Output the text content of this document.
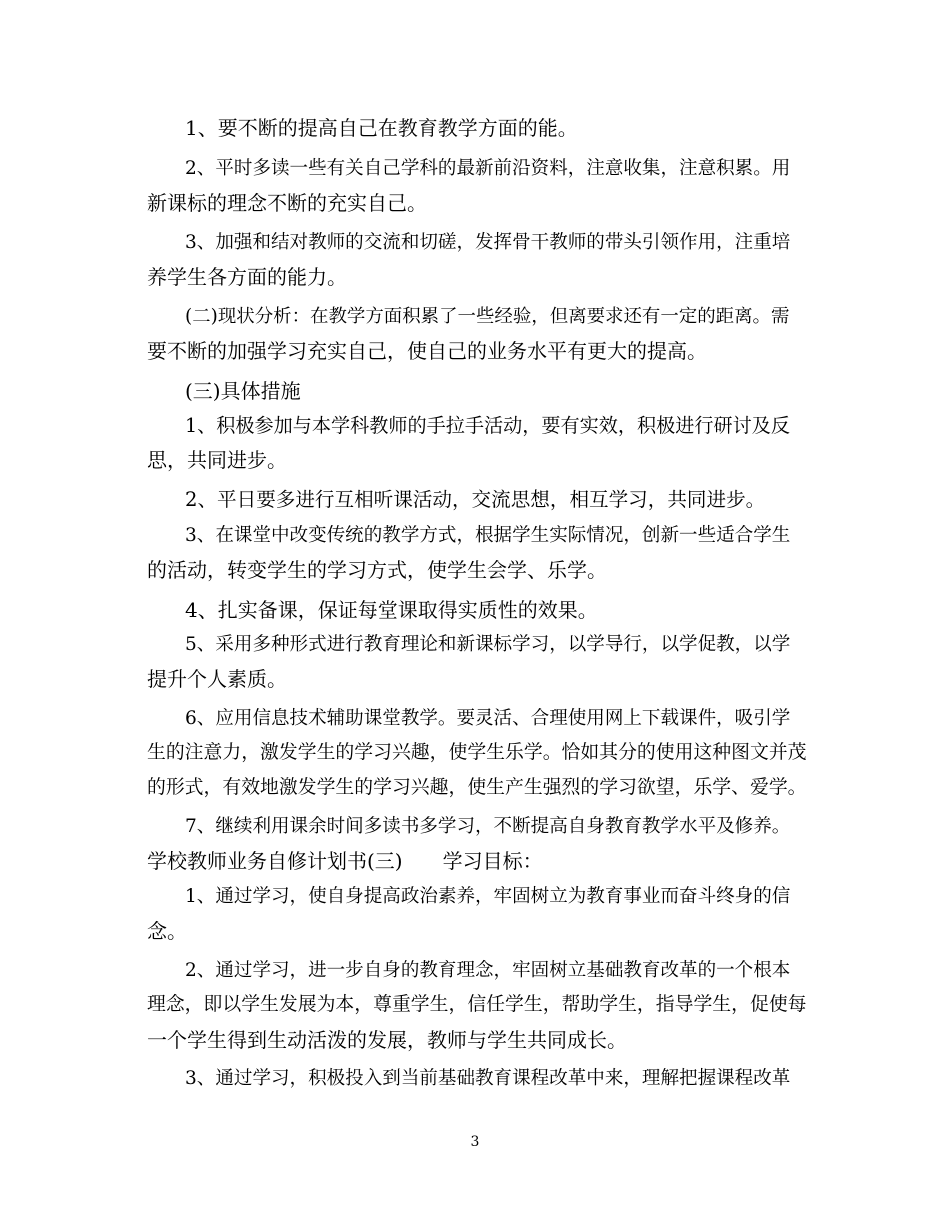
1、要不断的提高自己在教育教学方面的能。
2、平时多读一些有关自己学科的最新前沿资料，注意收集，注意积累。用
新课标的理念不断的充实自己。
3、加强和结对教师的交流和切磋，发挥骨干教师的带头引领作用，注重培
养学生各方面的能力。
(二)现状分析：在教学方面积累了一些经验，但离要求还有一定的距离。需
要不断的加强学习充实自己，使自己的业务水平有更大的提高。
(三)具体措施
1、积极参加与本学科教师的手拉手活动，要有实效，积极进行研讨及反
思，共同进步。
2、平日要多进行互相听课活动，交流思想，相互学习，共同进步。
3、在课堂中改变传统的教学方式，根据学生实际情况，创新一些适合学生
的活动，转变学生的学习方式，使学生会学、乐学。
4、扎实备课，保证每堂课取得实质性的效果。
5、采用多种形式进行教育理论和新课标学习，以学导行，以学促教，以学
提升个人素质。
6、应用信息技术辅助课堂教学。要灵活、合理使用网上下载课件，吸引学
生的注意力，激发学生的学习兴趣，使学生乐学。恰如其分的使用这种图文并茂
的形式，有效地激发学生的学习兴趣，使生产生强烈的学习欲望，乐学、爱学。
7、继续利用课余时间多读书多学习，不断提高自身教育教学水平及修养。
学校教师业务自修计划书(三)　　学习目标：
1、通过学习，使自身提高政治素养，牢固树立为教育事业而奋斗终身的信
念。
2、通过学习，进一步自身的教育理念，牢固树立基础教育改革的一个根本
理念，即以学生发展为本，尊重学生，信任学生，帮助学生，指导学生，促使每
一个学生得到生动活泼的发展，教师与学生共同成长。
3、通过学习，积极投入到当前基础教育课程改革中来，理解把握课程改革
3
